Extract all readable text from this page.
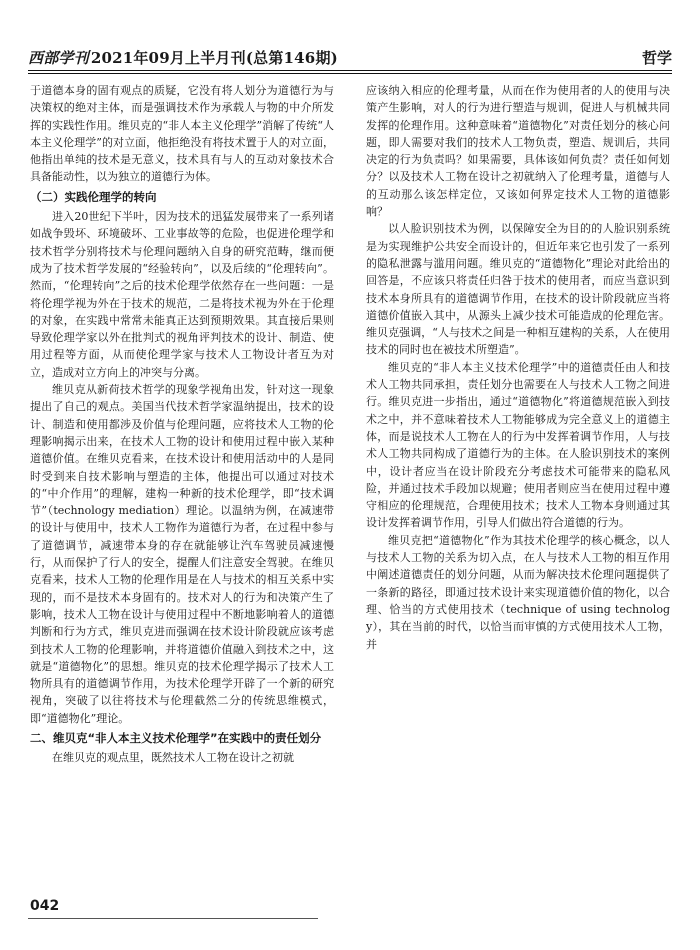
西部学刊 2021年09月上半月刊(总第146期)	哲学

于道德本身的固有观点的质疑，它没有将人划分为道德行为与决策权的绝对主体，而是强调技术作为承载人与物的中介所发挥的实践性作用。维贝克的“非人本主义伦理学”消解了传统“人本主义伦理学”的对立面，他拒绝没有将技术置于人的对立面，他指出单纯的技术是无意义，技术具有与人的互动对象技术合具备能动性，以为独立的道德行为体。

（二）实践伦理学的转向

进入20世纪下半叶，因为技术的迅猛发展带来了一系列诸如战争毁坏、环境破坏、工业事故等的危险，也促进伦理学和技术哲学分别将技术与伦理问题纳入自身的研究范畴，继而便成为了技术哲学发展的“经验转向”，以及后续的“伦理转向”。然而，“伦理转向”之后的技术伦理学依然存在一些问题：一是将伦理学视为外在于技术的规范，二是将技术视为外在于伦理的对象，在实践中常常未能真正达到预期效果。其直接后果则导致伦理学家以外在批判式的视角评判技术的设计、制造、使用过程等方面，从而使伦理学家与技术人工物设计者互为对立，造成对立方向上的冲突与分离。

维贝克从新荷技术哲学的现象学视角出发，针对这一现象提出了自己的观点。美国当代技术哲学家温纳提出，技术的设计、制造和使用都涉及价值与伦理问题，应将技术人工物的伦理影响揭示出来，在技术人工物的设计和使用过程中嵌入某种道德价值。在维贝克看来，在技术设计和使用活动中的人是同时受到来自技术影响与塑造的主体，他提出可以通过对技术的“中介作用”的理解，建构一种新的技术伦理学，即“技术调节”（technology mediation）理论。以温纳为例，在减速带的设计与使用中，技术人工物作为道德行为者，在过程中参与了道德调节，减速带本身的存在就能够让汽车驾驶员减速慢行，从而保护了行人的安全，提醒人们注意安全驾驶。在维贝克看来，技术人工物的伦理作用是在人与技术的相互关系中实现的，而不是技术本身固有的。技术对人的行为和决策产生了影响，技术人工物在设计与使用过程中不断地影响着人的道德判断和行为方式，维贝克进而强调在技术设计阶段就应该考虑到技术人工物的伦理影响，并将道德价值融入到技术之中，这就是“道德物化”的思想。维贝克的技术伦理学揭示了技术人工物所具有的道德调节作用，为技术伦理学开辟了一个新的研究视角，突破了以往将技术与伦理截然二分的传统思维模式，即“道德物化”理论。

二、维贝克“非人本主义技术伦理学”在实践中的责任划分

在维贝克的观点里，既然技术人工物在设计之初就

应该纳入相应的伦理考量，从而在作为使用者的人的使用与决策产生影响，对人的行为进行塑造与规训，促进人与机械共同发挥的伦理作用。这种意味着“道德物化”对责任划分的核心问题，即人需要对我们的技术人工物负责，塑造、规训后，共同决定的行为负责吗？如果需要，具体该如何负责？责任如何划分？以及技术人工物在设计之初就纳入了伦理考量，道德与人的互动那么该怎样定位，又该如何界定技术人工物的道德影响？

以人脸识别技术为例，以保障安全为目的的人脸识别系统是为实现维护公共安全而设计的，但近年来它也引发了一系列的隐私泄露与滥用问题。维贝克的“道德物化”理论对此给出的回答是，不应该只将责任归咎于技术的使用者，而应当意识到技术本身所具有的道德调节作用，在技术的设计阶段就应当将道德价值嵌入其中，从源头上减少技术可能造成的伦理危害。维贝克强调，“人与技术之间是一种相互建构的关系，人在使用技术的同时也在被技术所塑造”。

维贝克的“非人本主义技术伦理学”中的道德责任由人和技术人工物共同承担，责任划分也需要在人与技术人工物之间进行。维贝克进一步指出，通过“道德物化”将道德规范嵌入到技术之中，并不意味着技术人工物能够成为完全意义上的道德主体，而是说技术人工物在人的行为中发挥着调节作用，人与技术人工物共同构成了道德行为的主体。在人脸识别技术的案例中，设计者应当在设计阶段充分考虑技术可能带来的隐私风险，并通过技术手段加以规避；使用者则应当在使用过程中遵守相应的伦理规范，合理使用技术；技术人工物本身则通过其设计发挥着调节作用，引导人们做出符合道德的行为。

维贝克把“道德物化”作为其技术伦理学的核心概念，以人与技术人工物的关系为切入点，在人与技术人工物的相互作用中阐述道德责任的划分问题，从而为解决技术伦理问题提供了一条新的路径，即通过技术设计来实现道德价值的物化，以合理、恰当的方式使用技术（technique of using technology），其在当前的时代，以恰当而审慎的方式使用技术人工物，并

042
